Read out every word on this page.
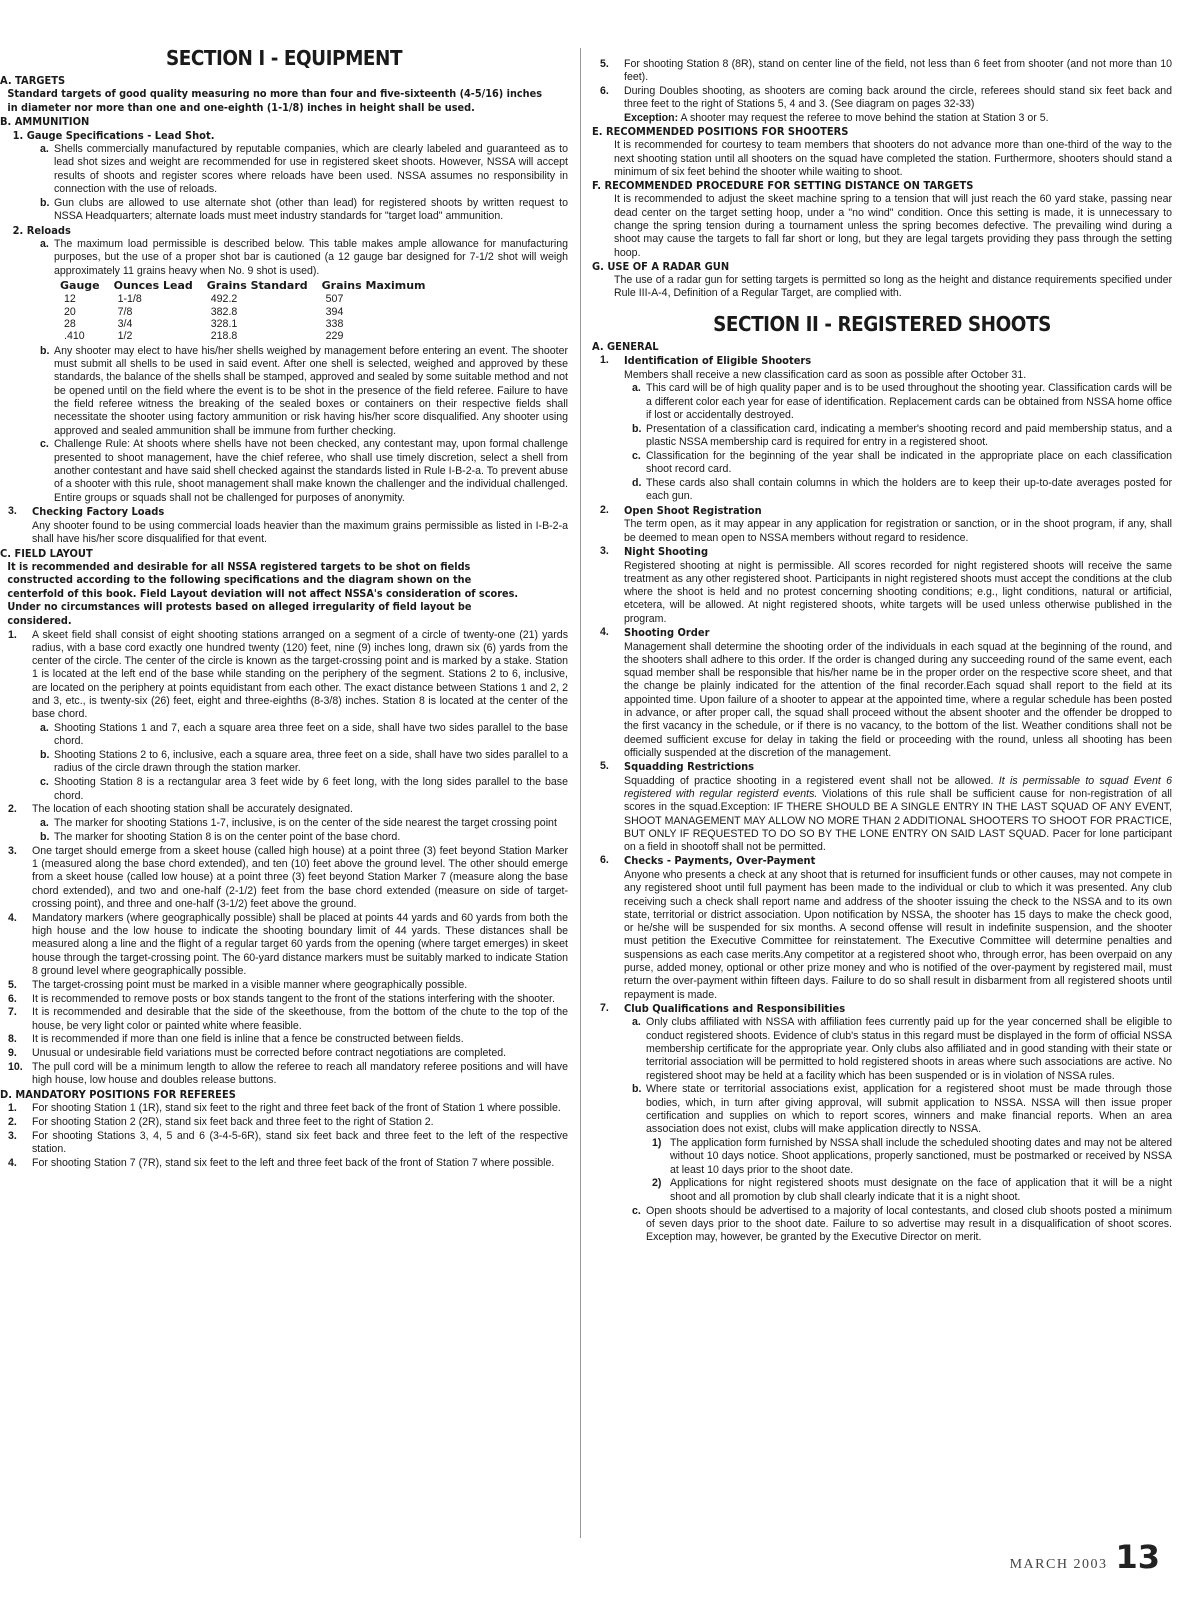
SECTION I - EQUIPMENT
A. TARGETS
Standard targets of good quality measuring no more than four and five-sixteenth (4-5/16) inches in diameter nor more than one and one-eighth (1-1/8) inches in height shall be used.
B. AMMUNITION
1. Gauge Specifications - Lead Shot.
a. Shells commercially manufactured by reputable companies, which are clearly labeled and guaranteed as to lead shot sizes and weight are recommended for use in registered skeet shoots. However, NSSA will accept results of shoots and register scores where reloads have been used. NSSA assumes no responsibility in connection with the use of reloads.
b. Gun clubs are allowed to use alternate shot (other than lead) for registered shoots by written request to NSSA Headquarters; alternate loads must meet industry standards for "target load" ammunition.
2. Reloads
a. The maximum load permissible is described below. This table makes ample allowance for manufacturing purposes, but the use of a proper shot bar is cautioned (a 12 gauge bar designed for 7-1/2 shot will weigh approximately 11 grains heavy when No. 9 shot is used).
Gauge	Ounces Lead	Grains Standard	Grains Maximum
12	1-1/8	492.2	507
20	7/8	382.8	394
28	3/4	328.1	338
.410	1/2	218.8	229
b. Any shooter may elect to have his/her shells weighed by management before entering an event. The shooter must submit all shells to be used in said event. After one shell is selected, weighed and approved by these standards, the balance of the shells shall be stamped, approved and sealed by some suitable method and not be opened until on the field where the event is to be shot in the presence of the field referee. Failure to have the field referee witness the breaking of the sealed boxes or containers on their respective fields shall necessitate the shooter using factory ammunition or risk having his/her score disqualified. Any shooter using approved and sealed ammunition shall be immune from further checking.
c. Challenge Rule: At shoots where shells have not been checked, any contestant may, upon formal challenge presented to shoot management, have the chief referee, who shall use timely discretion, select a shell from another contestant and have said shell checked against the standards listed in Rule I-B-2-a. To prevent abuse of a shooter with this rule, shoot management shall make known the challenger and the individual challenged. Entire groups or squads shall not be challenged for purposes of anonymity.
3.	Checking Factory Loads
Any shooter found to be using commercial loads heavier than the maximum grains permissible as listed in I-B-2-a shall have his/her score disqualified for that event.
C. FIELD LAYOUT
It is recommended and desirable for all NSSA registered targets to be shot on fields constructed according to the following specifications and the diagram shown on the centerfold of this book. Field Layout deviation will not affect NSSA's consideration of scores. Under no circumstances will protests based on alleged irregularity of field layout be considered.
1.	A skeet field shall consist of eight shooting stations arranged on a segment of a circle of twenty-one (21) yards radius, with a base cord exactly one hundred twenty (120) feet, nine (9) inches long, drawn six (6) yards from the center of the circle. The center of the circle is known as the target-crossing point and is marked by a stake. Station 1 is located at the left end of the base while standing on the periphery of the segment. Stations 2 to 6, inclusive, are located on the periphery at points equidistant from each other. The exact distance between Stations 1 and 2, 2 and 3, etc., is twenty-six (26) feet, eight and three-eighths (8-3/8) inches. Station 8 is located at the center of the base chord.
a. Shooting Stations 1 and 7, each a square area three feet on a side, shall have two sides parallel to the base chord.
b. Shooting Stations 2 to 6, inclusive, each a square area, three feet on a side, shall have two sides parallel to a radius of the circle drawn through the station marker.
c. Shooting Station 8 is a rectangular area 3 feet wide by 6 feet long, with the long sides parallel to the base chord.
2.	The location of each shooting station shall be accurately designated.
a. The marker for shooting Stations 1-7, inclusive, is on the center of the side nearest the target crossing point
b. The marker for shooting Station 8 is on the center point of the base chord.
3.	One target should emerge from a skeet house (called high house) at a point three (3) feet beyond Station Marker 1 (measured along the base chord extended), and ten (10) feet above the ground level. The other should emerge from a skeet house (called low house) at a point three (3) feet beyond Station Marker 7 (measure along the base chord extended), and two and one-half (2-1/2) feet from the base chord extended (measure on side of target-crossing point), and three and one-half (3-1/2) feet above the ground.
4.	Mandatory markers (where geographically possible) shall be placed at points 44 yards and 60 yards from both the high house and the low house to indicate the shooting boundary limit of 44 yards. These distances shall be measured along a line and the flight of a regular target 60 yards from the opening (where target emerges) in skeet house through the target-crossing point. The 60-yard distance markers must be suitably marked to indicate Station 8 ground level where geographically possible.
5.	The target-crossing point must be marked in a visible manner where geographically possible.
6.	It is recommended to remove posts or box stands tangent to the front of the stations interfering with the shooter.
7.	It is recommended and desirable that the side of the skeethouse, from the bottom of the chute to the top of the house, be very light color or painted white where feasible.
8.	It is recommended if more than one field is inline that a fence be constructed between fields.
9.	Unusual or undesirable field variations must be corrected before contract negotiations are completed.
10. The pull cord will be a minimum length to allow the referee to reach all mandatory referee positions and will have high house, low house and doubles release buttons.
D. MANDATORY POSITIONS FOR REFEREES
1.	For shooting Station 1 (1R), stand six feet to the right and three feet back of the front of Station 1 where possible.
2.	For shooting Station 2 (2R), stand six feet back and three feet to the right of Station 2.
3.	For shooting Stations 3, 4, 5 and 6 (3-4-5-6R), stand six feet back and three feet to the left of the respective station.
4.	For shooting Station 7 (7R), stand six feet to the left and three feet back of the front of Station 7 where possible.
5.	For shooting Station 8 (8R), stand on center line of the field, not less than 6 feet from shooter (and not more than 10 feet).
6.	During Doubles shooting, as shooters are coming back around the circle, referees should stand six feet back and three feet to the right of Stations 5, 4 and 3. (See diagram on pages 32-33)
Exception: A shooter may request the referee to move behind the station at Station 3 or 5.
E. RECOMMENDED POSITIONS FOR SHOOTERS
It is recommended for courtesy to team members that shooters do not advance more than one-third of the way to the next shooting station until all shooters on the squad have completed the station. Furthermore, shooters should stand a minimum of six feet behind the shooter while waiting to shoot.
F. RECOMMENDED PROCEDURE FOR SETTING DISTANCE ON TARGETS
It is recommended to adjust the skeet machine spring to a tension that will just reach the 60 yard stake, passing near dead center on the target setting hoop, under a "no wind" condition. Once this setting is made, it is unnecessary to change the spring tension during a tournament unless the spring becomes defective. The prevailing wind during a shoot may cause the targets to fall far short or long, but they are legal targets providing they pass through the setting hoop.
G. USE OF A RADAR GUN
The use of a radar gun for setting targets is permitted so long as the height and distance requirements specified under Rule III-A-4, Definition of a Regular Target, are complied with.
SECTION II - REGISTERED SHOOTS
A. GENERAL
1.	Identification of Eligible Shooters
Members shall receive a new classification card as soon as possible after October 31.
a. This card will be of high quality paper and is to be used throughout the shooting year. Classification cards will be a different color each year for ease of identification. Replacement cards can be obtained from NSSA home office if lost or accidentally destroyed.
b. Presentation of a classification card, indicating a member's shooting record and paid membership status, and a plastic NSSA membership card is required for entry in a registered shoot.
c. Classification for the beginning of the year shall be indicated in the appropriate place on each classification shoot record card.
d. These cards also shall contain columns in which the holders are to keep their up-to-date averages posted for each gun.
2.	Open Shoot Registration
The term open, as it may appear in any application for registration or sanction, or in the shoot program, if any, shall be deemed to mean open to NSSA members without regard to residence.
3.	Night Shooting
Registered shooting at night is permissible. All scores recorded for night registered shoots will receive the same treatment as any other registered shoot. Participants in night registered shoots must accept the conditions at the club where the shoot is held and no protest concerning shooting conditions; e.g., light conditions, natural or artificial, etcetera, will be allowed. At night registered shoots, white targets will be used unless otherwise published in the program.
4.	Shooting Order
Management shall determine the shooting order of the individuals in each squad at the beginning of the round, and the shooters shall adhere to this order. If the order is changed during any succeeding round of the same event, each squad member shall be responsible that his/her name be in the proper order on the respective score sheet, and that the change be plainly indicated for the attention of the final recorder.Each squad shall report to the field at its appointed time. Upon failure of a shooter to appear at the appointed time, where a regular schedule has been posted in advance, or after proper call, the squad shall proceed without the absent shooter and the offender be dropped to the first vacancy in the schedule, or if there is no vacancy, to the bottom of the list. Weather conditions shall not be deemed sufficient excuse for delay in taking the field or proceeding with the round, unless all shooting has been officially suspended at the discretion of the management.
5.	Squadding Restrictions
Squadding of practice shooting in a registered event shall not be allowed. It is permissable to squad Event 6 registered with regular registerd events. Violations of this rule shall be sufficient cause for non-registration of all scores in the squad.Exception: IF THERE SHOULD BE A SINGLE ENTRY IN THE LAST SQUAD OF ANY EVENT, SHOOT MANAGEMENT MAY ALLOW NO MORE THAN 2 ADDITIONAL SHOOTERS TO SHOOT FOR PRACTICE, BUT ONLY IF REQUESTED TO DO SO BY THE LONE ENTRY ON SAID LAST SQUAD. Pacer for lone participant on a field in shootoff shall not be permitted.
6.	Checks - Payments, Over-Payment
Anyone who presents a check at any shoot that is returned for insufficient funds or other causes, may not compete in any registered shoot until full payment has been made to the individual or club to which it was presented. Any club receiving such a check shall report name and address of the shooter issuing the check to the NSSA and to its own state, territorial or district association. Upon notification by NSSA, the shooter has 15 days to make the check good, or he/she will be suspended for six months. A second offense will result in indefinite suspension, and the shooter must petition the Executive Committee for reinstatement. The Executive Committee will determine penalties and suspensions as each case merits.Any competitor at a registered shoot who, through error, has been overpaid on any purse, added money, optional or other prize money and who is notified of the over-payment by registered mail, must return the over-payment within fifteen days. Failure to do so shall result in disbarment from all registered shoots until repayment is made.
7.	Club Qualifications and Responsibilities
a. Only clubs affiliated with NSSA with affiliation fees currently paid up for the year concerned shall be eligible to conduct registered shoots. Evidence of club's status in this regard must be displayed in the form of official NSSA membership certificate for the appropriate year. Only clubs also affiliated and in good standing with their state or territorial association will be permitted to hold registered shoots in areas where such associations are active. No registered shoot may be held at a facility which has been suspended or is in violation of NSSA rules.
b. Where state or territorial associations exist, application for a registered shoot must be made through those bodies, which, in turn after giving approval, will submit application to NSSA. NSSA will then issue proper certification and supplies on which to report scores, winners and make financial reports. When an area association does not exist, clubs will make application directly to NSSA.
1) The application form furnished by NSSA shall include the scheduled shooting dates and may not be altered without 10 days notice. Shoot applications, properly sanctioned, must be postmarked or received by NSSA at least 10 days prior to the shoot date.
2) Applications for night registered shoots must designate on the face of application that it will be a night shoot and all promotion by club shall clearly indicate that it is a night shoot.
c. Open shoots should be advertised to a majority of local contestants, and closed club shoots posted a minimum of seven days prior to the shoot date. Failure to so advertise may result in a disqualification of shoot scores. Exception may, however, be granted by the Executive Director on merit.
MARCH 2003 13
